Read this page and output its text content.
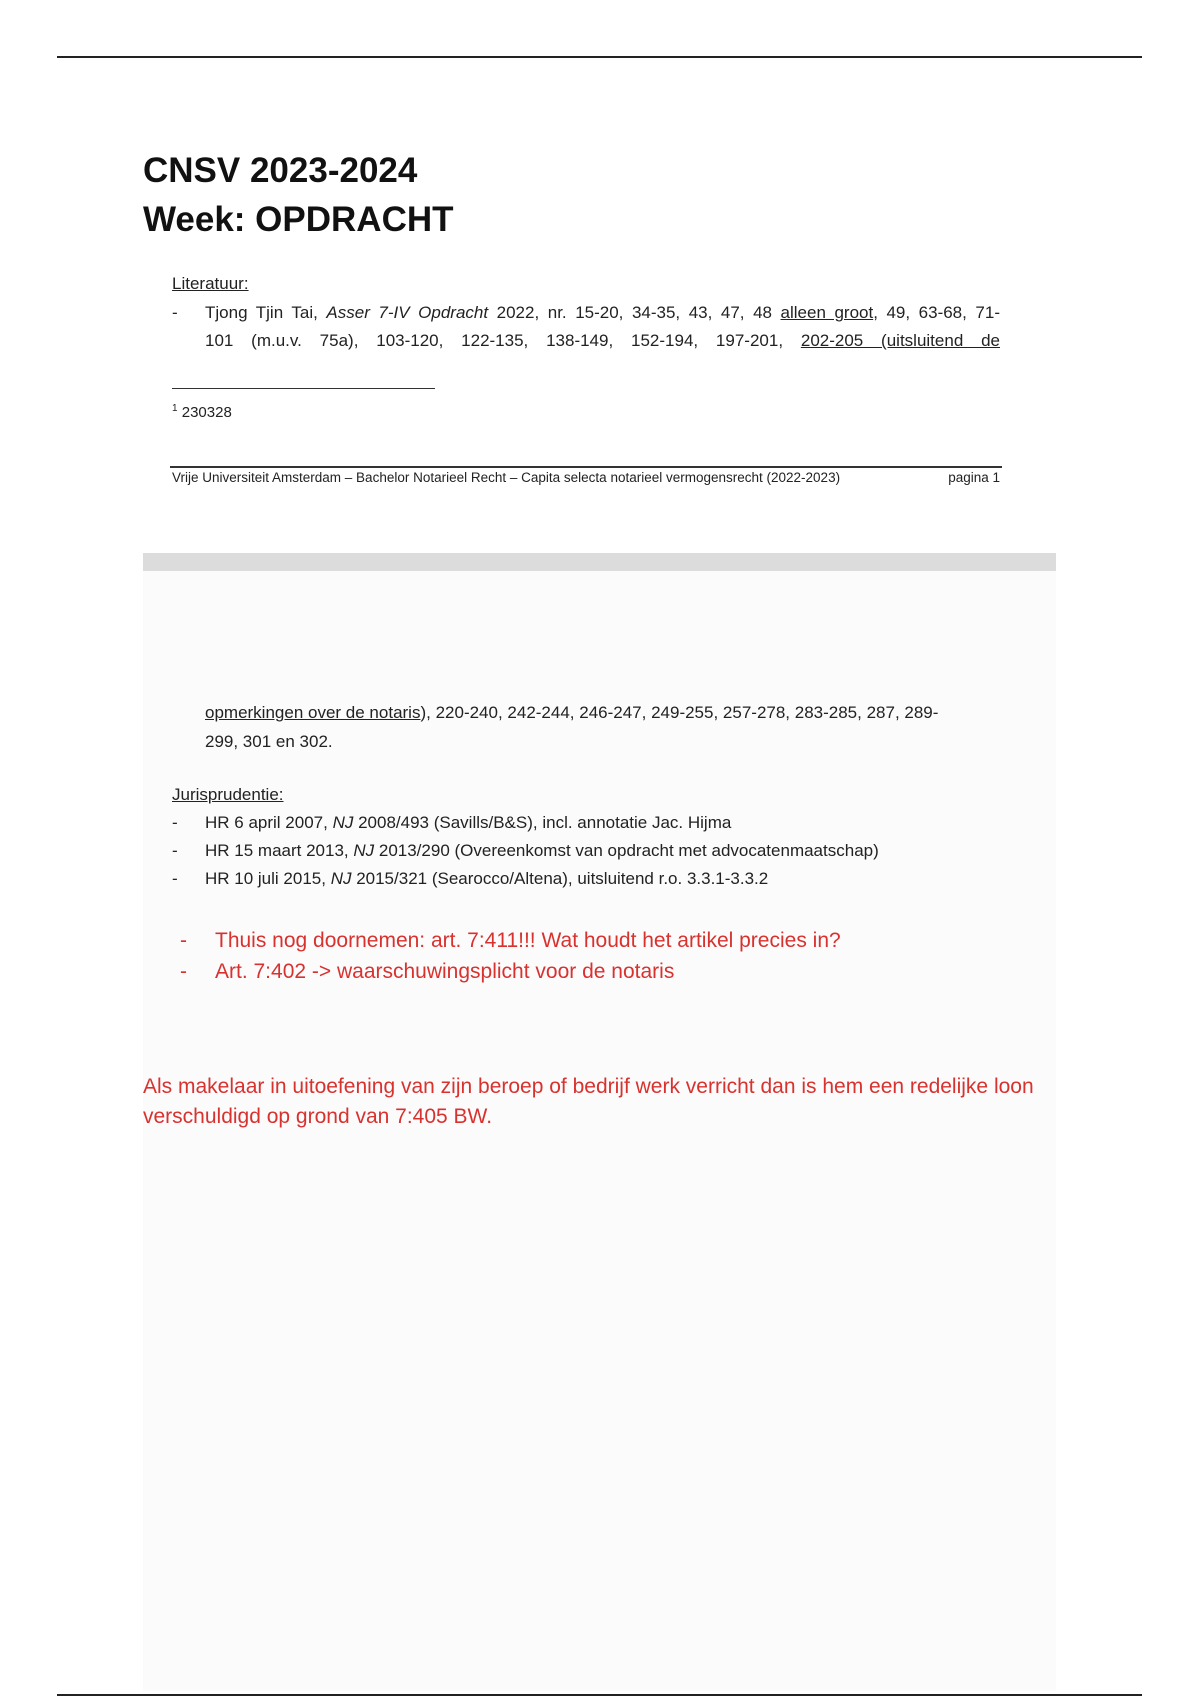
CNSV 2023-2024
Week: OPDRACHT
Literatuur:
- Tjong Tjin Tai, Asser 7-IV Opdracht 2022, nr. 15-20, 34-35, 43, 47, 48 alleen groot, 49, 63-68, 71-
101 (m.u.v. 75a), 103-120, 122-135, 138-149, 152-194, 197-201, 202-205 (uitsluitend de
$^1$ 230328
Vrije Universiteit Amsterdam – Bachelor Notarieel Recht – Capita selecta notarieel vermogensrecht (2022-2023)	pagina 1
opmerkingen over de notaris), 220-240, 242-244, 246-247, 249-255, 257-278, 283-285, 287, 289-
299, 301 en 302.
Jurisprudentie:
- HR 6 april 2007, NJ 2008/493 (Savills/B&S), incl. annotatie Jac. Hijma
- HR 15 maart 2013, NJ 2013/290 (Overeenkomst van opdracht met advocatenmaatschap)
- HR 10 juli 2015, NJ 2015/321 (Searocco/Altena), uitsluitend r.o. 3.3.1-3.3.2
- Thuis nog doornemen: art. 7:411!!! Wat houdt het artikel precies in?
- Art. 7:402 -> waarschuwingsplicht voor de notaris
Als makelaar in uitoefening van zijn beroep of bedrijf werk verricht dan is hem een redelijke loon verschuldigd op grond van 7:405 BW.
